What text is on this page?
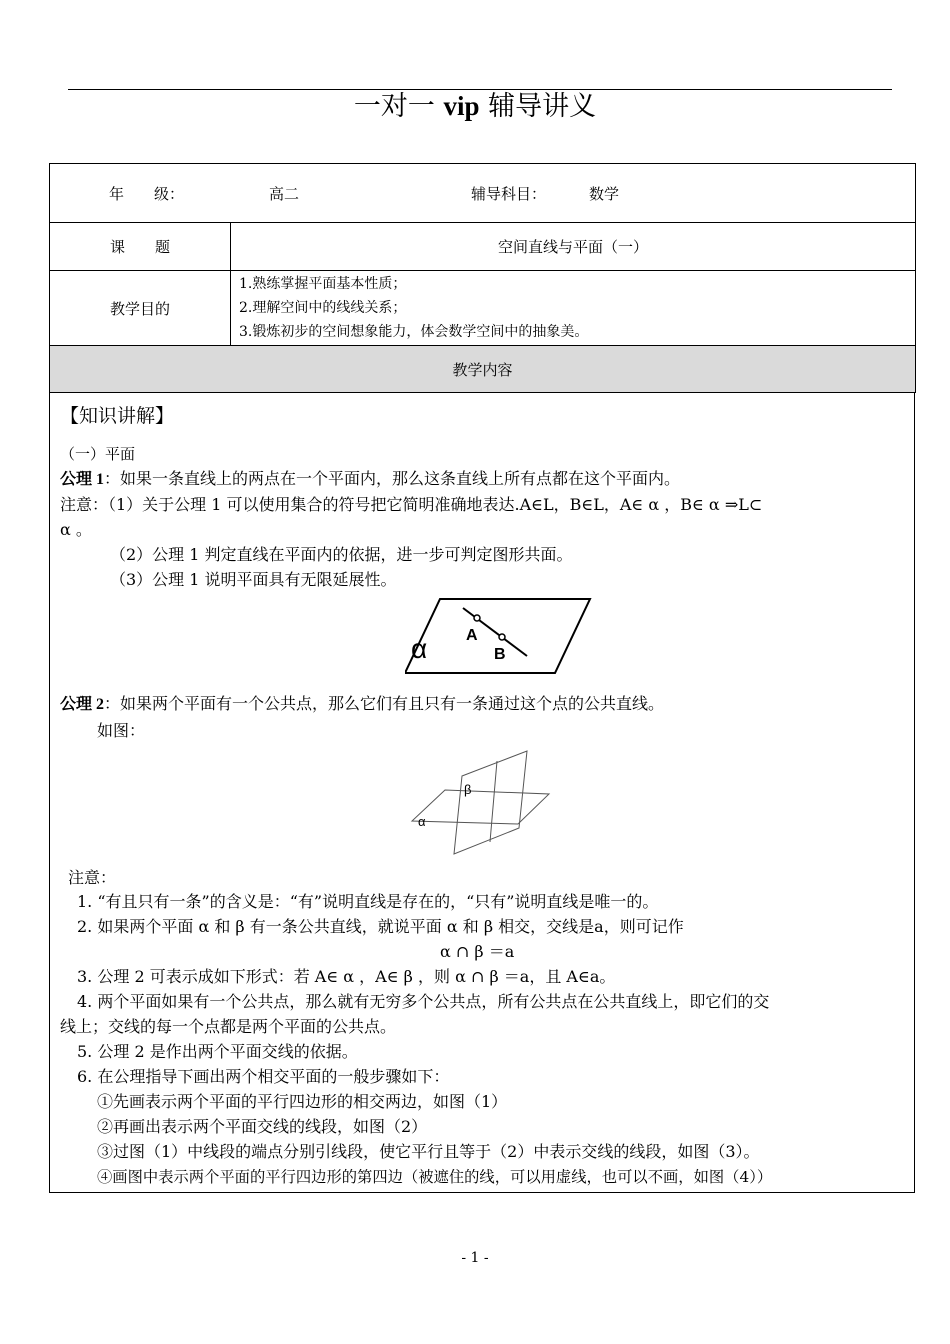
一对一 vip 辅导讲义
年　　级： 高二 辅导科目： 数学	

课　　题	空间直线与平面（一）
教学目的	1.熟练掌握平面基本性质；
2.理解空间中的线线关系；
3.锻炼初步的空间想象能力，体会数学空间中的抽象美。

教学内容	
【知识讲解】
（一）平面
公理 1：如果一条直线上的两点在一个平面内，那么这条直线上所有点都在这个平面内。
注意：（1）关于公理 1 可以使用集合的符号把它简明准确地表达.A∈L，B∈L，A∈ α ，B∈ α ⇒L⊂
α 。
（2）公理 1 判定直线在平面内的依据，进一步可判定图形共面。
（3）公理 1 说明平面具有无限延展性。
α A
B
公理 2：如果两个平面有一个公共点，那么它们有且只有一条通过这个点的公共直线。
如图：
β
α
注意：
1. “有且只有一条”的含义是：“有”说明直线是存在的，“只有”说明直线是唯一的。
2. 如果两个平面 α 和 β 有一条公共直线，就说平面 α 和 β 相交，交线是a，则可记作
α ∩ β ＝a
3. 公理 2 可表示成如下形式：若 A∈ α ，A∈ β ，则 α ∩ β ＝a，且 A∈a。
4. 两个平面如果有一个公共点，那么就有无穷多个公共点，所有公共点在公共直线上，即它们的交
线上；交线的每一个点都是两个平面的公共点。
5. 公理 2 是作出两个平面交线的依据。
6. 在公理指导下画出两个相交平面的一般步骤如下：
①先画表示两个平面的平行四边形的相交两边，如图（1）
②再画出表示两个平面交线的线段，如图（2）
③过图（1）中线段的端点分别引线段，使它平行且等于（2）中表示交线的线段，如图（3）。
④画图中表示两个平面的平行四边形的第四边（被遮住的线，可以用虚线，也可以不画，如图（4））
- 1 -
